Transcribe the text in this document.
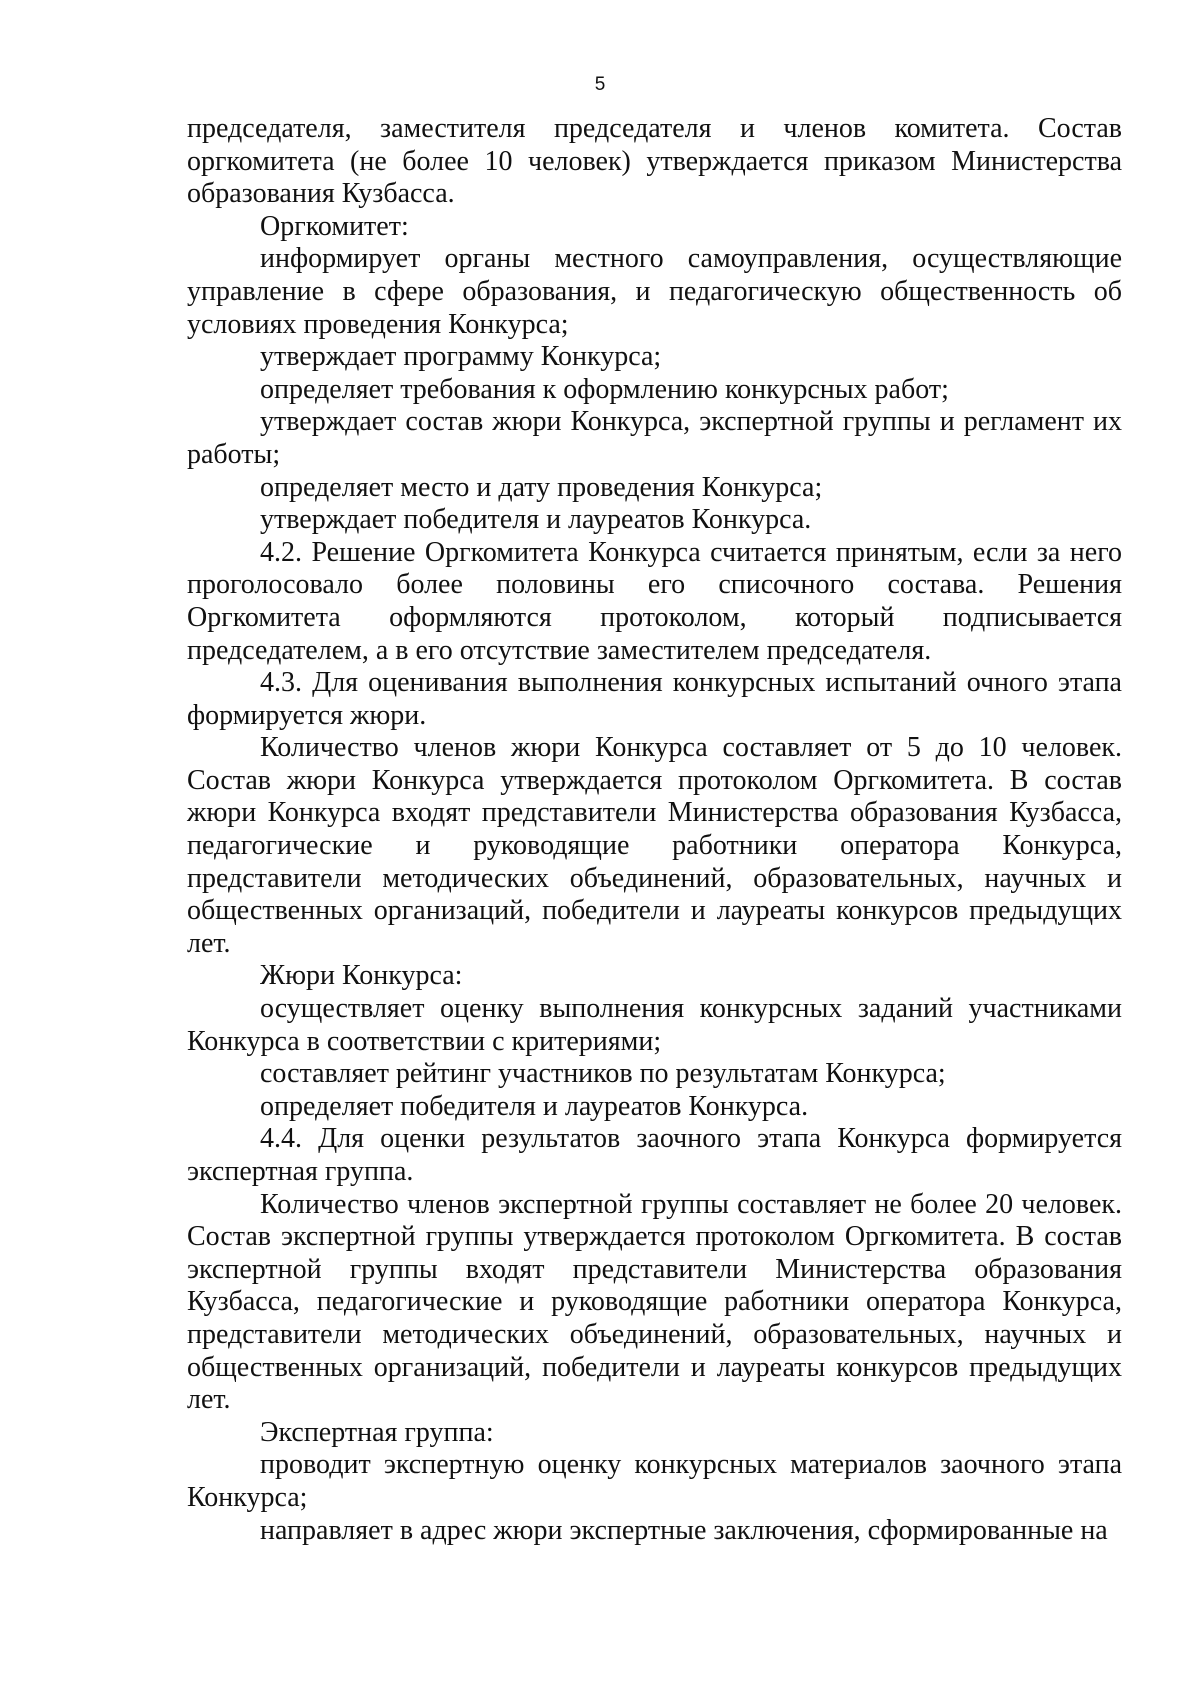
5

председателя, заместителя председателя и членов комитета. Состав оргкомитета (не более 10 человек) утверждается приказом Министерства образования Кузбасса.

Оргкомитет:

информирует органы местного самоуправления, осуществляющие управление в сфере образования, и педагогическую общественность об условиях проведения Конкурса;

утверждает программу Конкурса;

определяет требования к оформлению конкурсных работ;

утверждает состав жюри Конкурса, экспертной группы и регламент их работы;

определяет место и дату проведения Конкурса;

утверждает победителя и лауреатов Конкурса.

4.2. Решение Оргкомитета Конкурса считается принятым, если за него проголосовало более половины его списочного состава. Решения Оргкомитета оформляются протоколом, который подписывается председателем, а в его отсутствие заместителем председателя.

4.3. Для оценивания выполнения конкурсных испытаний очного этапа формируется жюри.

Количество членов жюри Конкурса составляет от 5 до 10 человек. Состав жюри Конкурса утверждается протоколом Оргкомитета. В состав жюри Конкурса входят представители Министерства образования Кузбасса, педагогические и руководящие работники оператора Конкурса, представители методических объединений, образовательных, научных и общественных организаций, победители и лауреаты конкурсов предыдущих лет.

Жюри Конкурса:

осуществляет оценку выполнения конкурсных заданий участниками Конкурса в соответствии с критериями;

составляет рейтинг участников по результатам Конкурса;

определяет победителя и лауреатов Конкурса.

4.4. Для оценки результатов заочного этапа Конкурса формируется экспертная группа.

Количество членов экспертной группы составляет не более 20 человек. Состав экспертной группы утверждается протоколом Оргкомитета. В состав экспертной группы входят представители Министерства образования Кузбасса, педагогические и руководящие работники оператора Конкурса, представители методических объединений, образовательных, научных и общественных организаций, победители и лауреаты конкурсов предыдущих лет.

Экспертная группа:

проводит экспертную оценку конкурсных материалов заочного этапа Конкурса;

направляет в адрес жюри экспертные заключения, сформированные на
